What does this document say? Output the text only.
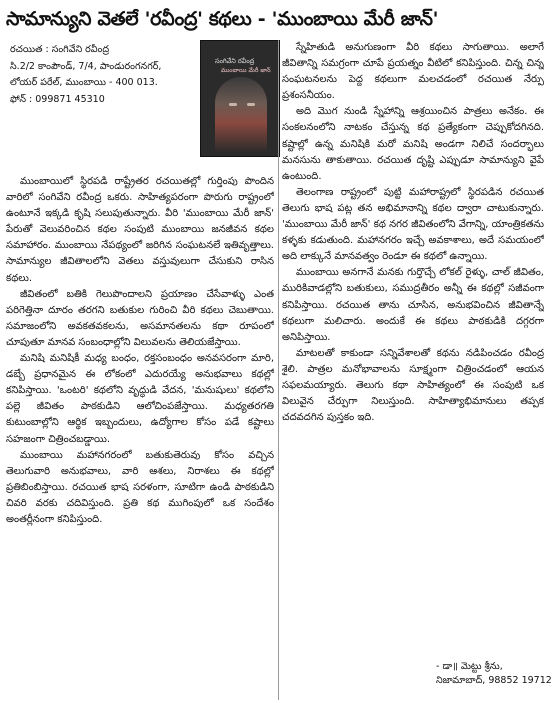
సామాన్యుని వెతలే 'రవీంద్ర' కథలు - 'ముంబాయి మేరీ జాన్'
రచయిత : సంగివేని రవీంద్ర
సి.2/2 కాంపౌండ్, 7/4, పాండురంగనగర్,
లోయర్ పరేల్, ముంబాయి - 400 013.
ఫోన్ : 099871 45310
సంగివేని రవీంద్ర
ముంబాయి మేరీ జాన్

ముంబాయిలో స్థిరపడి రాష్ట్రేతర రచయితల్లో గుర్తింపు పొందిన వారిలో సంగివేని రవీంద్ర ఒకరు. సాహిత్యపరంగా పొరుగు రాష్ట్రంలో ఉంటూనే ఇక్కడి కృషి సలుపుతున్నారు. వీరి 'ముంబాయి మేరీ జాన్' పేరుతో వెలువరించిన కథల సంపుటి ముంబాయి జనజీవన కథల సమాహారం. ముంబాయి నేపథ్యంలో జరిగిన సంఘటనలే ఇతివృత్తాలు. సామాన్యుల జీవితాలలోని వెతలు వస్తువులుగా చేసుకుని రాసిన కథలు.

జీవితంలో బతికి గెలుపొందాలని ప్రయాణం చేసేవాళ్ళు ఎంత పరిగెత్తినా దూరం తరగని బతుకుల గురించి వీరి కథలు చెబుతాయి. సమాజంలోని అవకతవకలను, అసమానతలను కథా రూపంలో చూపుతూ మానవ సంబంధాల్లోని విలువలను తెలియజేస్తాయి.

మనిషి మనిషికీ మధ్య బంధం, రక్తసంబంధం అనవసరంగా మారి, డబ్బే ప్రధానమైన ఈ లోకంలో ఎదురయ్యే అనుభవాలు కథల్లో కనిపిస్తాయి. 'ఒంటరి' కథలోని వృద్ధుడి వేదన, 'మనుషులు' కథలోని పల్లె జీవితం పాఠకుడిని ఆలోచింపజేస్తాయి. మధ్యతరగతి కుటుంబాల్లోని ఆర్థిక ఇబ్బందులు, ఉద్యోగాల కోసం పడే కష్టాలు సహజంగా చిత్రించబడ్డాయి.

ముంబాయి మహానగరంలో బతుకుతెరువు కోసం వచ్చిన తెలుగువారి అనుభవాలు, వారి ఆశలు, నిరాశలు ఈ కథల్లో ప్రతిబింబిస్తాయి. రచయిత భాష సరళంగా, సూటిగా ఉండి పాఠకుడిని చివరి వరకు చదివిస్తుంది. ప్రతి కథ ముగింపులో ఒక సందేశం అంతర్లీనంగా కనిపిస్తుంది.

స్నేహితుడి అనుగుణంగా వీరి కథలు సాగుతాయి. అలాగే జీవితాన్ని సమగ్రంగా చూపే ప్రయత్నం వీటిలో కనిపిస్తుంది. చిన్న చిన్న సంఘటనలను పెద్ద కథలుగా మలచడంలో రచయిత నేర్పు ప్రశంసనీయం.

అది మొగ నుండి స్నేహాన్ని ఆశ్రయించిన పాత్రలు అనేకం. ఈ సంకలనంలోని నాటకం చేస్తున్న కథ ప్రత్యేకంగా చెప్పుకోదగినది. కష్టాల్లో ఉన్న మనిషికి మరో మనిషి అండగా నిలిచే సందర్భాలు మనసును తాకుతాయి. రచయిత దృష్టి ఎప్పుడూ సామాన్యుని వైపే ఉంటుంది.

తెలంగాణ రాష్ట్రంలో పుట్టి మహారాష్ట్రలో స్థిరపడిన రచయిత తెలుగు భాష పట్ల తన అభిమానాన్ని కథల ద్వారా చాటుకున్నారు. 'ముంబాయి మేరీ జాన్' కథ నగర జీవితంలోని వేగాన్ని, యాంత్రికతను కళ్ళకు కడుతుంది. మహానగరం ఇచ్చే అవకాశాలు, అదే సమయంలో అది లాక్కునే మానవత్వం రెండూ ఈ కథలో ఉన్నాయి.

ముంబాయి అనగానే మనకు గుర్తొచ్చే లోకల్ రైళ్ళు, చాల్ జీవితం, మురికివాడల్లోని బతుకులు, సముద్రతీరం అన్నీ ఈ కథల్లో సజీవంగా కనిపిస్తాయి. రచయిత తాను చూసిన, అనుభవించిన జీవితాన్నే కథలుగా మలిచారు. అందుకే ఈ కథలు పాఠకుడికి దగ్గరగా అనిపిస్తాయి.

మాటలతో కాకుండా సన్నివేశాలతో కథను నడిపించడం రవీంద్ర శైలి. పాత్రల మనోభావాలను సూక్ష్మంగా చిత్రించడంలో ఆయన సఫలమయ్యారు. తెలుగు కథా సాహిత్యంలో ఈ సంపుటి ఒక విలువైన చేర్పుగా నిలుస్తుంది. సాహిత్యాభిమానులు తప్పక చదవదగిన పుస్తకం ఇది.

- డా॥ మెట్టు శ్రీను,
నిజామాబాద్, 98852 19712
